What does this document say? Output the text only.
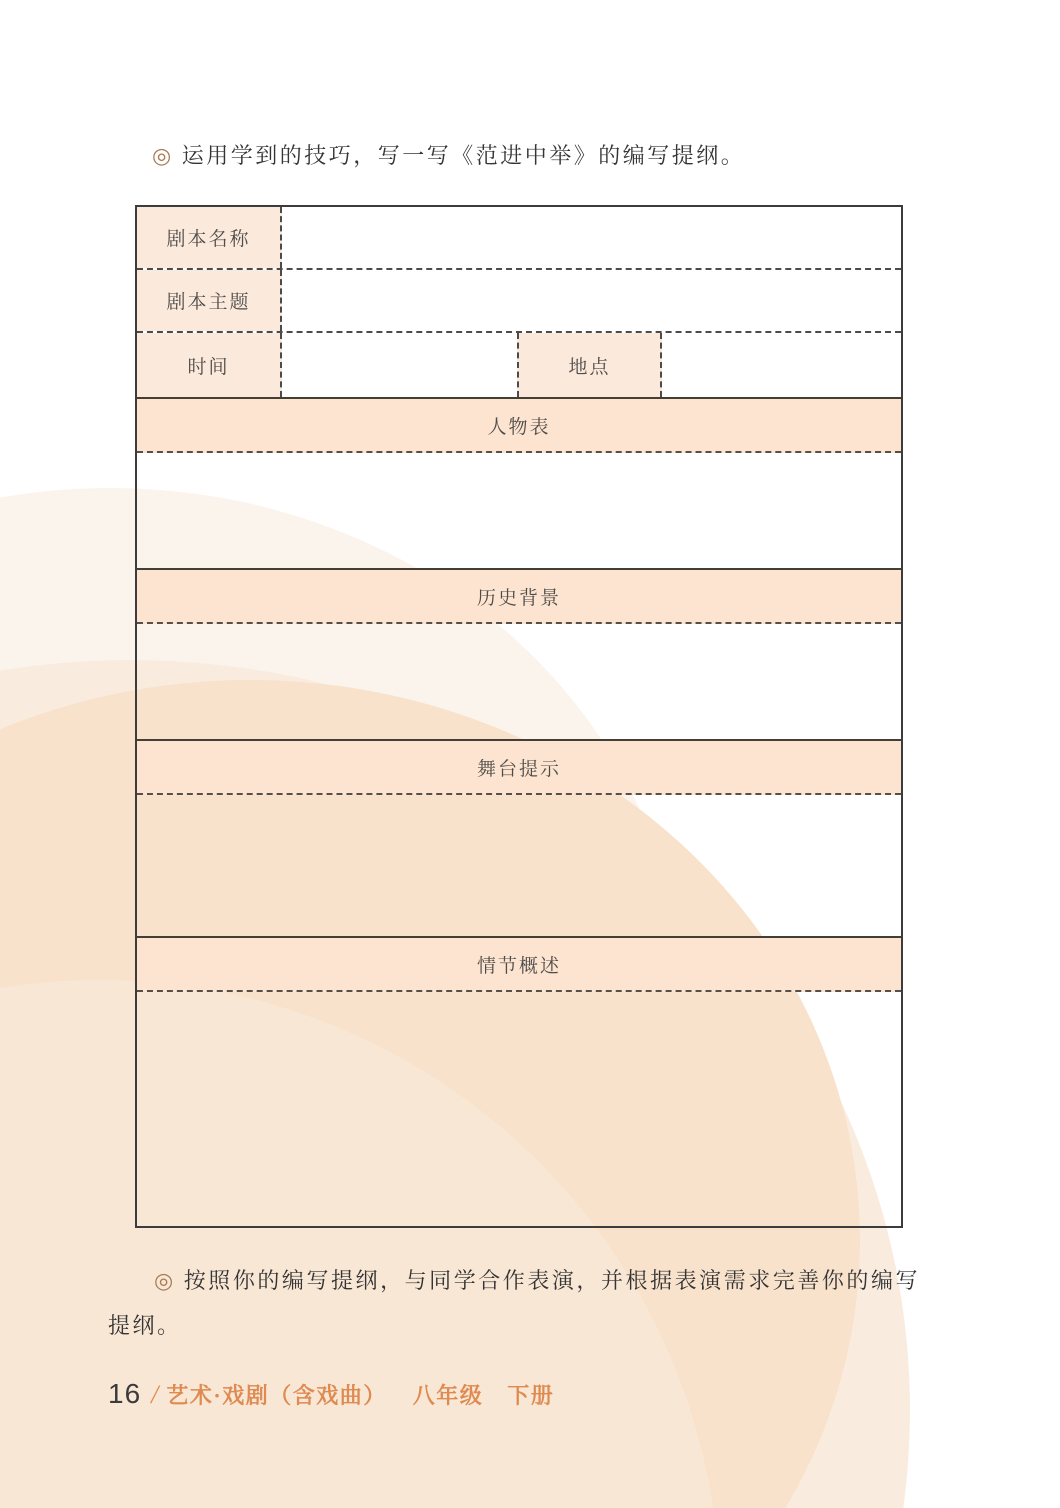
◎ 运用学到的技巧，写一写《范进中举》的编写提纲。

剧本名称
剧本主题
时间	地点
人物表
历史背景
舞台提示
情节概述

◎ 按照你的编写提纲，与同学合作表演，并根据表演需求完善你的编写提纲。

16 / 艺术·戏剧（含戏曲） 八年级 下册
